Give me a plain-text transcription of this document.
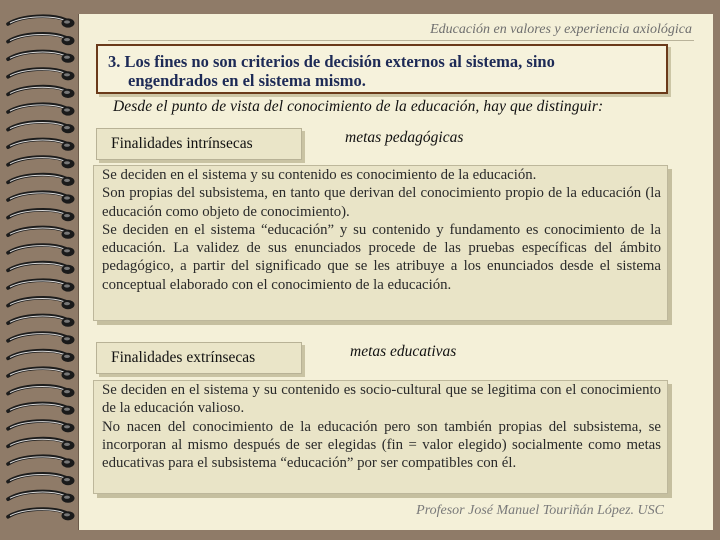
Educación en valores y experiencia axiológica
3. Los fines no son criterios de decisión externos al sistema, sino
engendrados en el sistema mismo.
Desde el punto de vista del conocimiento de la educación, hay que distinguir:
Finalidades intrínsecas	metas pedagógicas

Se deciden en el sistema y su contenido es conocimiento de la educación.

Son propias del subsistema, en tanto que derivan del conocimiento propio de la educación (la educación como objeto de conocimiento).

Se deciden en el sistema “educación” y su contenido y fundamento es conocimiento de la educación. La validez de sus enunciados procede de las pruebas específicas del ámbito pedagógico, a partir del significado que se les atribuye a los enunciados desde el sistema conceptual elaborado con el conocimiento de la educación.

Finalidades extrínsecas	metas educativas

Se deciden en el sistema y su contenido es socio-cultural que se legitima con el conocimiento de la educación valioso.

No nacen del conocimiento de la educación pero son también propias del subsistema, se incorporan al mismo después de ser elegidas (fin = valor elegido) socialmente como metas educativas para el subsistema “educación” por ser compatibles con él.

Profesor José Manuel Touriñán López. USC
